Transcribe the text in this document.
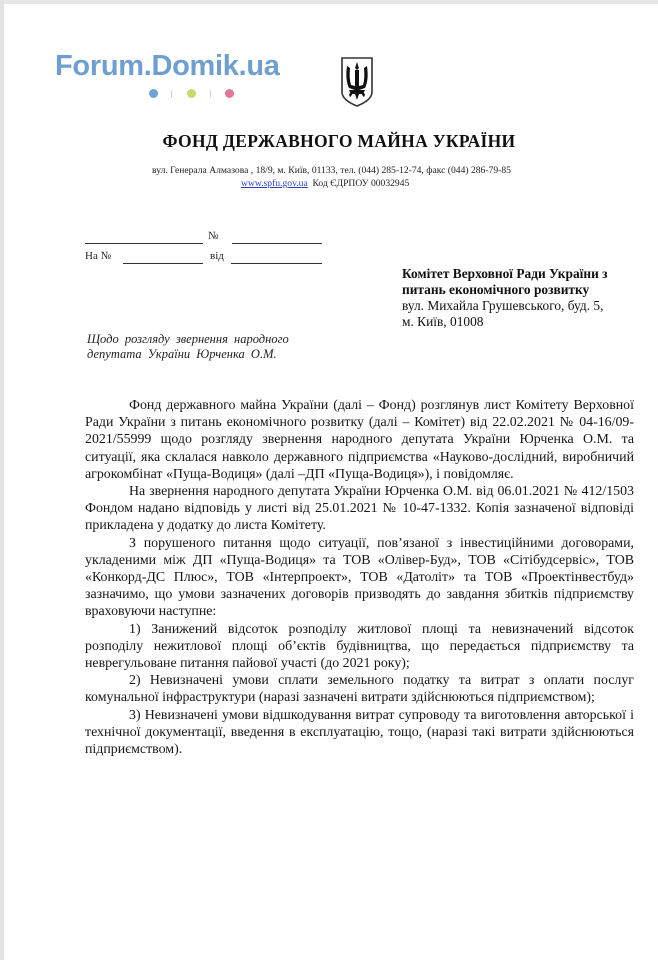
Forum.Domik.ua
ФОНД ДЕРЖАВНОГО МАЙНА УКРАЇНИ
вул. Генерала Алмазова , 18/9, м. Київ, 01133, тел. (044) 285-12-74, факс (044) 286-79-85
www.spfu.gov.ua Код ЄДРПОУ 00032945
№
На №	від
Комітет Верховної Ради України з
питань економічного розвитку
вул. Михайла Грушевського, буд. 5,
м. Київ, 01008
Щодо розгляду звернення народного
депутата України Юрченка О.М.

Фонд державного майна України (далі – Фонд) розглянув лист Комітету Верховної Ради України з питань економічного розвитку (далі – Комітет) від 22.02.2021 № 04-16/09-2021/55999 щодо розгляду звернення народного депутата України Юрченка О.М. та ситуації, яка склалася навколо державного підприємства «Науково-дослідний, виробничий агрокомбінат «Пуща-Водиця» (далі –ДП «Пуща-Водиця»), і повідомляє.

На звернення народного депутата України Юрченка О.М. від 06.01.2021 № 412/1503 Фондом надано відповідь у листі від 25.01.2021 № 10-47-1332. Копія зазначеної відповіді прикладена у додатку до листа Комітету.

З порушеного питання щодо ситуації, пов’язаної з інвестиційними договорами, укладеними між ДП «Пуща-Водиця» та ТОВ «Олівер-Буд», ТОВ «Сітібудсервіс», ТОВ «Конкорд-ДС Плюс», ТОВ «Інтерпроект», ТОВ «Датоліт» та ТОВ «Проектінвестбуд» зазначимо, що умови зазначених договорів призводять до завдання збитків підприємству враховуючи наступне:

1) Занижений відсоток розподілу житлової площі та невизначений відсоток розподілу нежитлової площі об’єктів будівництва, що передається підприємству та неврегульоване питання пайової участі (до 2021 року);

2) Невизначені умови сплати земельного податку та витрат з оплати послуг комунальної інфраструктури (наразі зазначені витрати здійснюються підприємством);

3) Невизначені умови відшкодування витрат супроводу та виготовлення авторської і технічної документації, введення в експлуатацію, тощо, (наразі такі витрати здійснюються підприємством).
